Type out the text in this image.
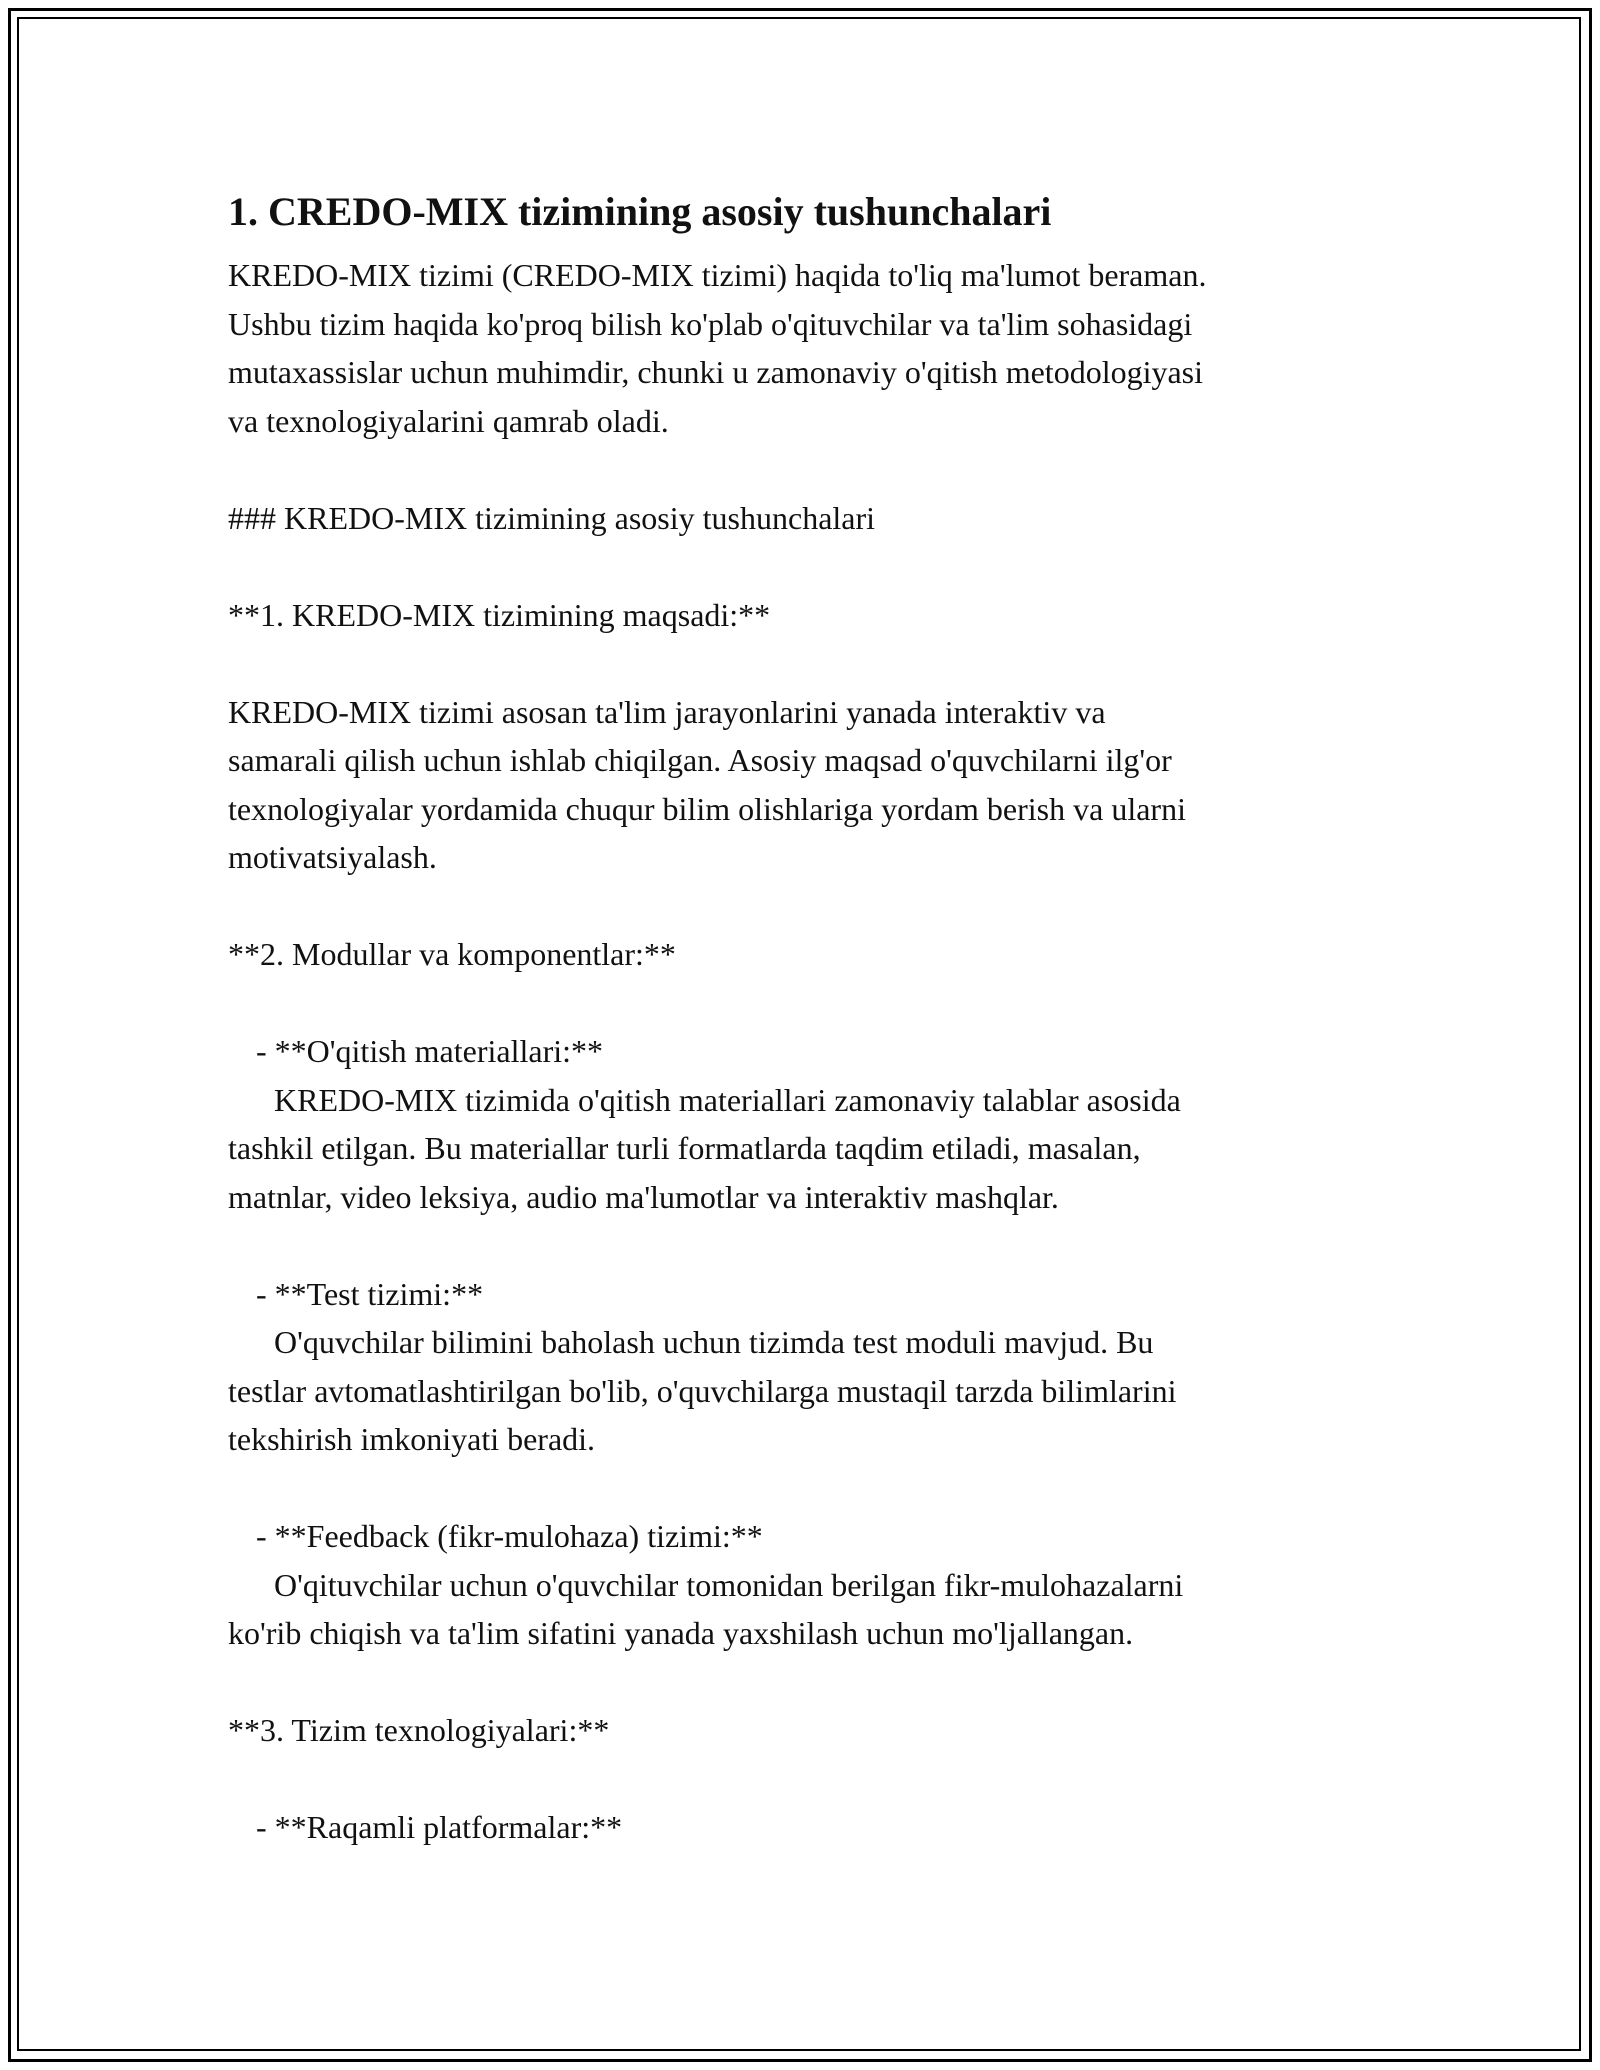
1. CREDO-MIX tizimining asosiy tushunchalari

KREDO-MIX tizimi (CREDO-MIX tizimi) haqida to'liq ma'lumot beraman.

Ushbu tizim haqida ko'proq bilish ko'plab o'qituvchilar va ta'lim sohasidagi

mutaxassislar uchun muhimdir, chunki u zamonaviy o'qitish metodologiyasi

va texnologiyalarini qamrab oladi.

### KREDO-MIX tizimining asosiy tushunchalari

**1. KREDO-MIX tizimining maqsadi:**

KREDO-MIX tizimi asosan ta'lim jarayonlarini yanada interaktiv va

samarali qilish uchun ishlab chiqilgan. Asosiy maqsad o'quvchilarni ilg'or

texnologiyalar yordamida chuqur bilim olishlariga yordam berish va ularni

motivatsiyalash.

**2. Modullar va komponentlar:**

- **O'qitish materiallari:**

KREDO-MIX tizimida o'qitish materiallari zamonaviy talablar asosida

tashkil etilgan. Bu materiallar turli formatlarda taqdim etiladi, masalan,

matnlar, video leksiya, audio ma'lumotlar va interaktiv mashqlar.

- **Test tizimi:**

O'quvchilar bilimini baholash uchun tizimda test moduli mavjud. Bu

testlar avtomatlashtirilgan bo'lib, o'quvchilarga mustaqil tarzda bilimlarini

tekshirish imkoniyati beradi.

- **Feedback (fikr-mulohaza) tizimi:**

O'qituvchilar uchun o'quvchilar tomonidan berilgan fikr-mulohazalarni

ko'rib chiqish va ta'lim sifatini yanada yaxshilash uchun mo'ljallangan.

**3. Tizim texnologiyalari:**

- **Raqamli platformalar:**
